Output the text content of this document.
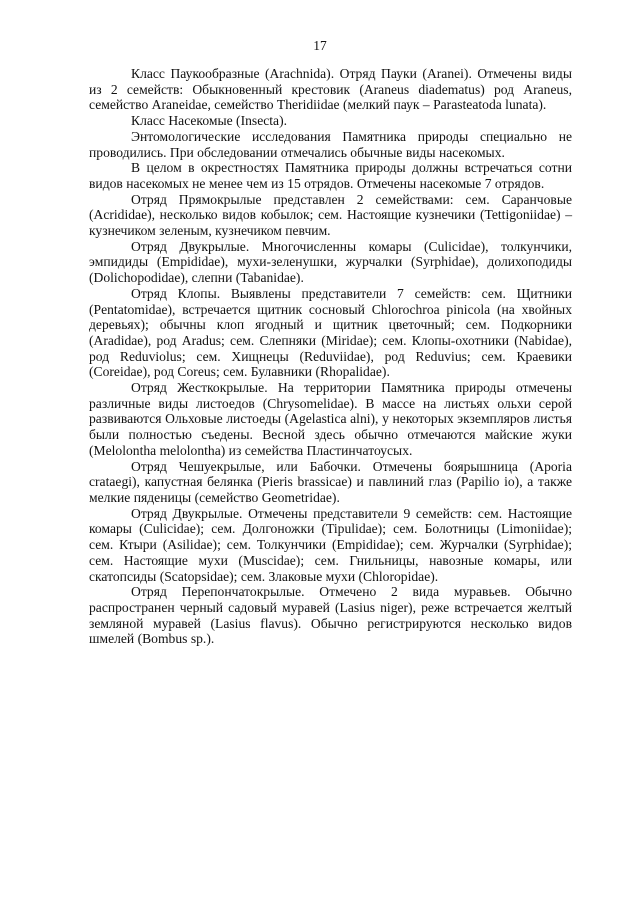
17

Класс Паукообразные (Arachnida). Отряд Пауки (Aranei). Отмечены виды из 2 семейств: Обыкновенный крестовик (Araneus diadematus) род Araneus, семейство Araneidae, семейство Theridiidae (мелкий паук – Parasteatoda lunata).

Класс Насекомые (Insecta).

Энтомологические исследования Памятника природы специально не проводились. При обследовании отмечались обычные виды насекомых.

В целом в окрестностях Памятника природы должны встречаться сотни видов насекомых не менее чем из 15 отрядов. Отмечены насекомые 7 отрядов.

Отряд Прямокрылые представлен 2 семействами: сем. Саранчовые (Acrididae), несколько видов кобылок; сем. Настоящие кузнечики (Tettigoniidae) – кузнечиком зеленым, кузнечиком певчим.

Отряд Двукрылые. Многочисленны комары (Culicidae), толкунчики, эмпидиды (Empididae), мухи-зеленушки, журчалки (Syrphidae), долихоподиды (Dolichopodidae), слепни (Tabanidae).

Отряд Клопы. Выявлены представители 7 семейств: сем. Щитники (Pentatomidae), встречается щитник сосновый Chlorochroa pinicola (на хвойных деревьях); обычны клоп ягодный и щитник цветочный; сем. Подкорники (Aradidae), род Aradus; сем. Слепняки (Miridae); сем. Клопы-охотники (Nabidae), род Reduviolus; сем. Хищнецы (Reduviidae), род Reduvius; сем. Краевики (Coreidae), род Coreus; сем. Булавники (Rhopalidae).

Отряд Жесткокрылые. На территории Памятника природы отмечены различные виды листоедов (Chrysomelidae). В массе на листьях ольхи серой развиваются Ольховые листоеды (Agelastica alni), у некоторых экземпляров листья были полностью съедены. Весной здесь обычно отмечаются майские жуки (Melolontha melolontha) из семейства Пластинчатоусых.

Отряд Чешуекрылые, или Бабочки. Отмечены боярышница (Aporia crataegi), капустная белянка (Pieris brassicae) и павлиний глаз (Papilio io), а также мелкие пяденицы (семейство Geometridae).

Отряд Двукрылые. Отмечены представители 9 семейств: сем. Настоящие комары (Culicidae); сем. Долгоножки (Tipulidae); сем. Болотницы (Limoniidae); сем. Ктыри (Asilidae); сем. Толкунчики (Empididae); сем. Журчалки (Syrphidae); сем. Настоящие мухи (Muscidae); сем. Гнильницы, навозные комары, или скатопсиды (Scatopsidae); сем. Злаковые мухи (Chloropidae).

Отряд Перепончатокрылые. Отмечено 2 вида муравьев. Обычно распространен черный садовый муравей (Lasius niger), реже встречается желтый земляной муравей (Lasius flavus). Обычно регистрируются несколько видов шмелей (Bombus sp.).
